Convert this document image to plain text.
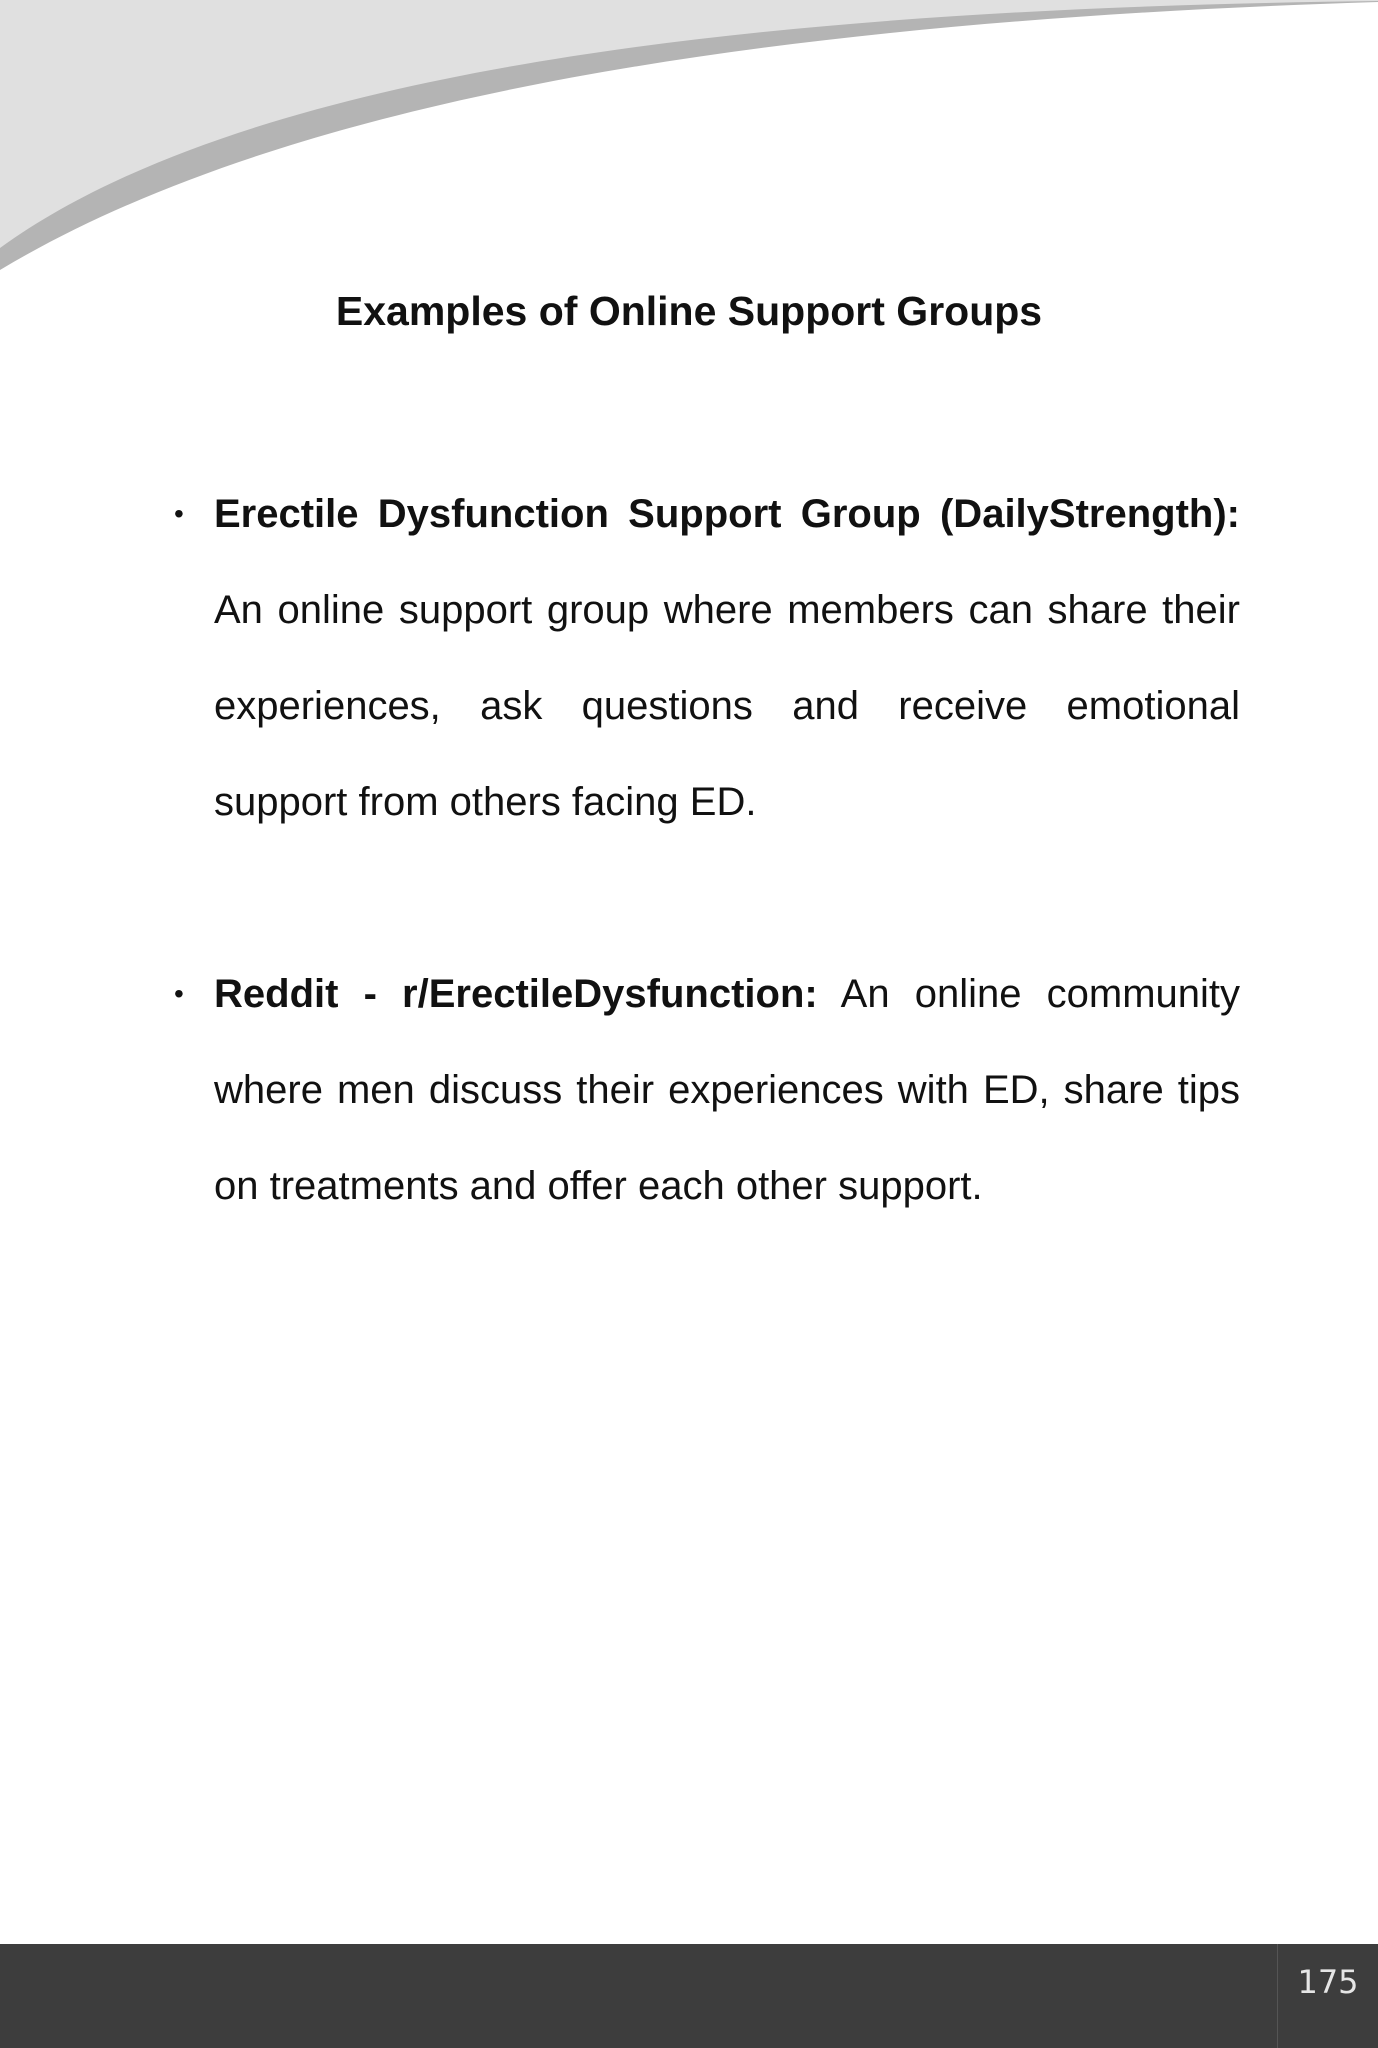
Examples of Online Support Groups
• Erectile Dysfunction Support Group (DailyStrength): An online support group where members can share their experiences, ask questions and receive emotional support from others facing ED.
• Reddit - r/ErectileDysfunction: An online community where men discuss their experiences with ED, share tips on treatments and offer each other support.
175
